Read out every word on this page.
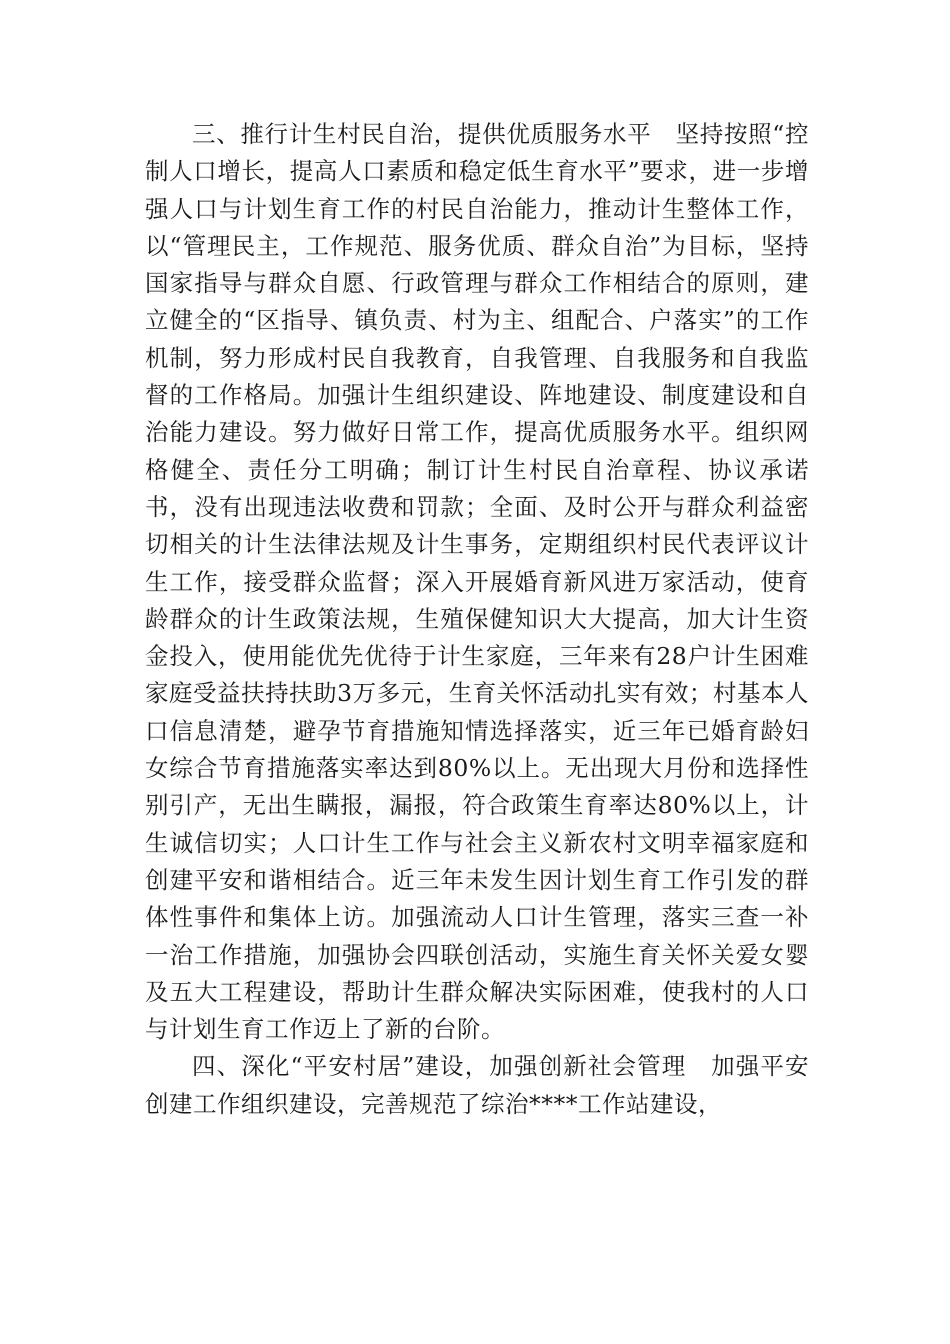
三、推行计生村民自治，提供优质服务水平　坚持按照“控制人口增长，提高人口素质和稳定低生育水平”要求，进一步增强人口与计划生育工作的村民自治能力，推动计生整体工作，以“管理民主，工作规范、服务优质、群众自治”为目标，坚持国家指导与群众自愿、行政管理与群众工作相结合的原则，建立健全的“区指导、镇负责、村为主、组配合、户落实”的工作机制，努力形成村民自我教育，自我管理、自我服务和自我监督的工作格局。加强计生组织建设、阵地建设、制度建设和自治能力建设。努力做好日常工作，提高优质服务水平。组织网格健全、责任分工明确；制订计生村民自治章程、协议承诺书，没有出现违法收费和罚款；全面、及时公开与群众利益密切相关的计生法律法规及计生事务，定期组织村民代表评议计生工作，接受群众监督；深入开展婚育新风进万家活动，使育龄群众的计生政策法规，生殖保健知识大大提高，加大计生资金投入，使用能优先优待于计生家庭，三年来有28户计生困难家庭受益扶持扶助3万多元，生育关怀活动扎实有效；村基本人口信息清楚，避孕节育措施知情选择落实，近三年已婚育龄妇女综合节育措施落实率达到80%以上。无出现大月份和选择性别引产，无出生瞒报，漏报，符合政策生育率达80%以上，计生诚信切实；人口计生工作与社会主义新农村文明幸福家庭和创建平安和谐相结合。近三年未发生因计划生育工作引发的群体性事件和集体上访。加强流动人口计生管理，落实三查一补一治工作措施，加强协会四联创活动，实施生育关怀关爱女婴及五大工程建设，帮助计生群众解决实际困难，使我村的人口与计划生育工作迈上了新的台阶。

四、深化“平安村居”建设，加强创新社会管理　加强平安创建工作组织建设，完善规范了综治****工作站建设，
